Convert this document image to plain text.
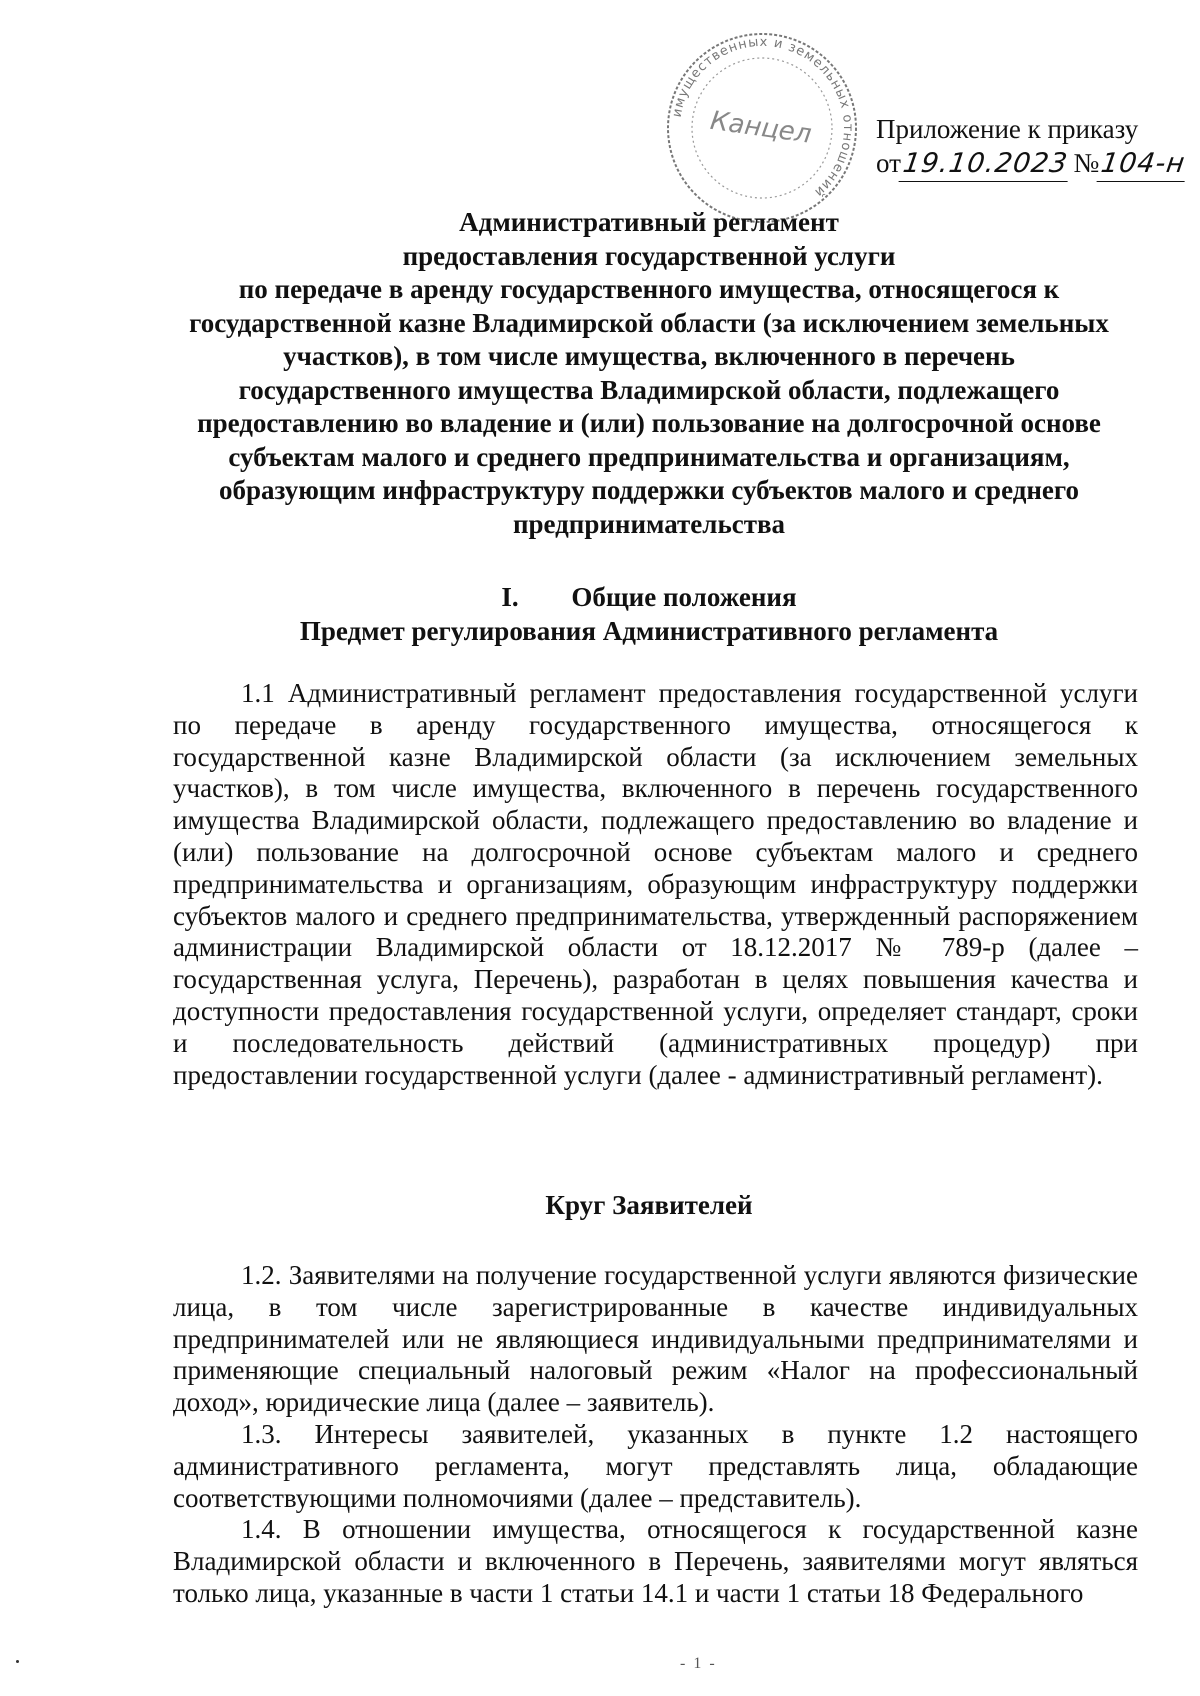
имущественных и земельных отношений
Канцел Приложение к приказу
от 19.10.2023 № 104-н

Административный регламент

предоставления государственной услуги

по передаче в аренду государственного имущества, относящегося к

государственной казне Владимирской области (за исключением земельных

участков), в том числе имущества, включенного в перечень

государственного имущества Владимирской области, подлежащего

предоставлению во владение и (или) пользование на долгосрочной основе

субъектам малого и среднего предпринимательства и организациям,

образующим инфраструктуру поддержки субъектов малого и среднего

предпринимательства

I. Общие положения

Предмет регулирования Административного регламента

1.1 Административный регламент предоставления государственной услуги по передаче в аренду государственного имущества, относящегося к государственной казне Владимирской области (за исключением земельных участков), в том числе имущества, включенного в перечень государственного имущества Владимирской области, подлежащего предоставлению во владение и (или) пользование на долгосрочной основе субъектам малого и среднего предпринимательства и организациям, образующим инфраструктуру поддержки субъектов малого и среднего предпринимательства, утвержденный распоряжением администрации Владимирской области от 18.12.2017 № 789-р (далее – государственная услуга, Перечень), разработан в целях повышения качества и доступности предоставления государственной услуги, определяет стандарт, сроки и последовательность действий (административных процедур) при предоставлении государственной услуги (далее - административный регламент).

Круг Заявителей

1.2. Заявителями на получение государственной услуги являются физические лица, в том числе зарегистрированные в качестве индивидуальных предпринимателей или не являющиеся индивидуальными предпринимателями и применяющие специальный налоговый режим «Налог на профессиональный доход», юридические лица (далее – заявитель).

1.3. Интересы заявителей, указанных в пункте 1.2 настоящего административного регламента, могут представлять лица, обладающие соответствующими полномочиями (далее – представитель).

1.4. В отношении имущества, относящегося к государственной казне Владимирской области и включенного в Перечень, заявителями могут являться только лица, указанные в части 1 статьи 14.1 и части 1 статьи 18 Федерального

- 1 -
